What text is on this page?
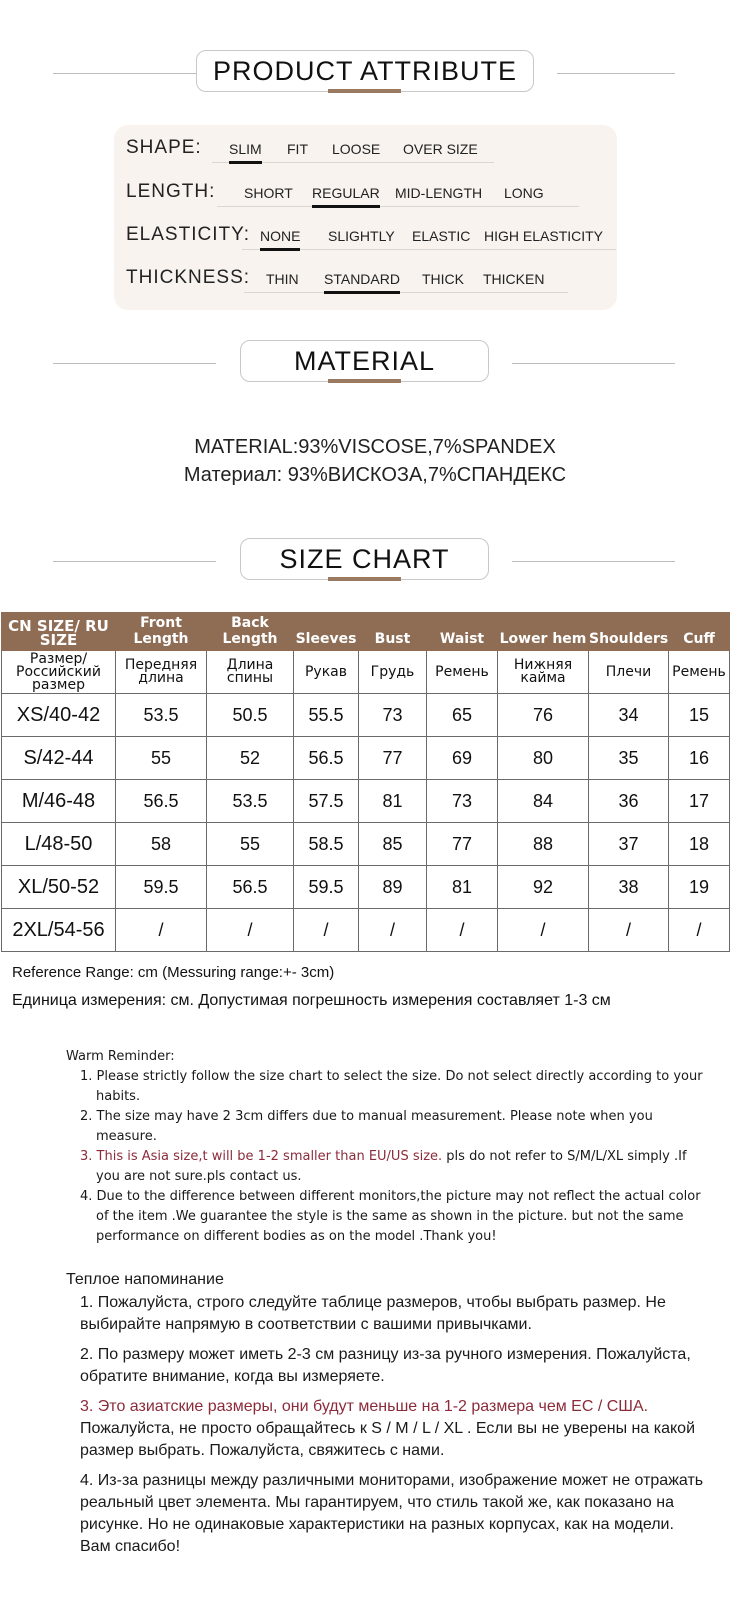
PRODUCT ATTRIBUTE
SHAPE: SLIM FIT LOOSE OVER SIZE
LENGTH: SHORT REGULAR MID-LENGTH LONG
ELASTICITY: NONE SLIGHTLY ELASTIC HIGH ELASTICITY
THICKNESS: THIN STANDARD THICK THICKEN
MATERIAL
MATERIAL:93%VISCOSE,7%SPANDEX
Материал: 93%ВИСКОЗА,7%СПАНДЕКС
SIZE CHART
CN SIZE/ RU SIZE	Front Length	Back Length	Sleeves	Bust	Waist	Lower hem	Shoulders	Cuff
Размер/ Российский размер	Передняя длина	Длина спины	Рукав	Грудь	Ремень	Нижняя кайма	Плечи	Ремень
XS/40-42	53.5	50.5	55.5	73	65	76	34	15
S/42-44	55	52	56.5	77	69	80	35	16
M/46-48	56.5	53.5	57.5	81	73	84	36	17
L/48-50	58	55	58.5	85	77	88	37	18
XL/50-52	59.5	56.5	59.5	89	81	92	38	19
2XL/54-56	/	/	/	/	/	/	/	/
Reference Range: cm (Messuring range:+- 3cm)
Единица измерения: см. Допустимая погрешность измерения составляет 1-3 см
Warm Reminder:
1. Please strictly follow the size chart to select the size. Do not select directly according to your habits.
2. The size may have 2 3cm differs due to manual measurement. Please note when you measure.
3. This is Asia size,t will be 1-2 smaller than EU/US size. pls do not refer to S/M/L/XL simply .If you are not sure.pls contact us.
4. Due to the difference between different monitors,the picture may not reflect the actual color of the item .We guarantee the style is the same as shown in the picture. but not the same performance on different bodies as on the model .Thank you!
Теплое напоминание
1. Пожалуйста, строго следуйте таблице размеров, чтобы выбрать размер. Не выбирайте напрямую в соответствии с вашими привычками.
2. По размеру может иметь 2-3 см разницу из-за ручного измерения. Пожалуйста, обратите внимание, когда вы измеряете.
3. Это азиатские размеры, они будут меньше на 1-2 размера чем ЕС / США.
Пожалуйста, не просто обращайтесь к S / M / L / XL . Если вы не уверены на какой размер выбрать. Пожалуйста, свяжитесь с нами.
4. Из-за разницы между различными мониторами, изображение может не отражать реальный цвет элемента. Мы гарантируем, что стиль такой же, как показано на рисунке. Но не одинаковые характеристики на разных корпусах, как на модели. Вам спасибо!
